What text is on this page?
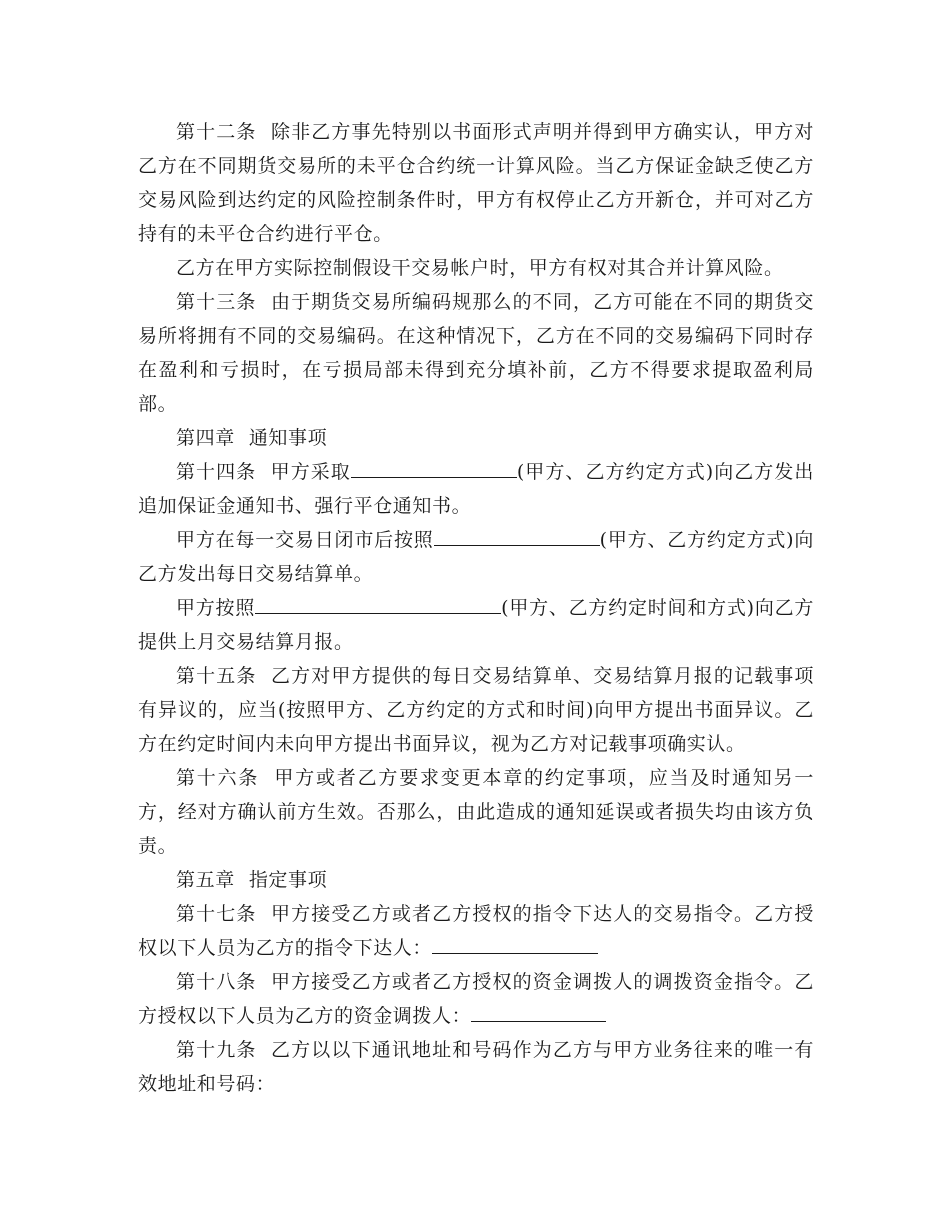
第十二条 除非乙方事先特别以书面形式声明并得到甲方确实认，甲方对乙方在不同期货交易所的未平仓合约统一计算风险。当乙方保证金缺乏使乙方交易风险到达约定的风险控制条件时，甲方有权停止乙方开新仓，并可对乙方持有的未平仓合约进行平仓。

乙方在甲方实际控制假设干交易帐户时，甲方有权对其合并计算风险。

第十三条 由于期货交易所编码规那么的不同，乙方可能在不同的期货交易所将拥有不同的交易编码。在这种情况下，乙方在不同的交易编码下同时存在盈利和亏损时，在亏损局部未得到充分填补前，乙方不得要求提取盈利局部。

第四章 通知事项

第十四条 甲方采取	(甲方、乙方约定方式)向乙方发出追加保证金通知书、强行平仓通知书。

甲方在每一交易日闭市后按照	(甲方、乙方约定方式)向乙方发出每日交易结算单。

甲方按照	(甲方、乙方约定时间和方式)向乙方提供上月交易结算月报。

第十五条 乙方对甲方提供的每日交易结算单、交易结算月报的记载事项有异议的，应当(按照甲方、乙方约定的方式和时间)向甲方提出书面异议。乙方在约定时间内未向甲方提出书面异议，视为乙方对记载事项确实认。

第十六条 甲方或者乙方要求变更本章的约定事项，应当及时通知另一方，经对方确认前方生效。否那么，由此造成的通知延误或者损失均由该方负责。

第五章 指定事项

第十七条 甲方接受乙方或者乙方授权的指令下达人的交易指令。乙方授权以下人员为乙方的指令下达人：

第十八条 甲方接受乙方或者乙方授权的资金调拨人的调拨资金指令。乙方授权以下人员为乙方的资金调拨人：

第十九条 乙方以以下通讯地址和号码作为乙方与甲方业务往来的唯一有效地址和号码：
